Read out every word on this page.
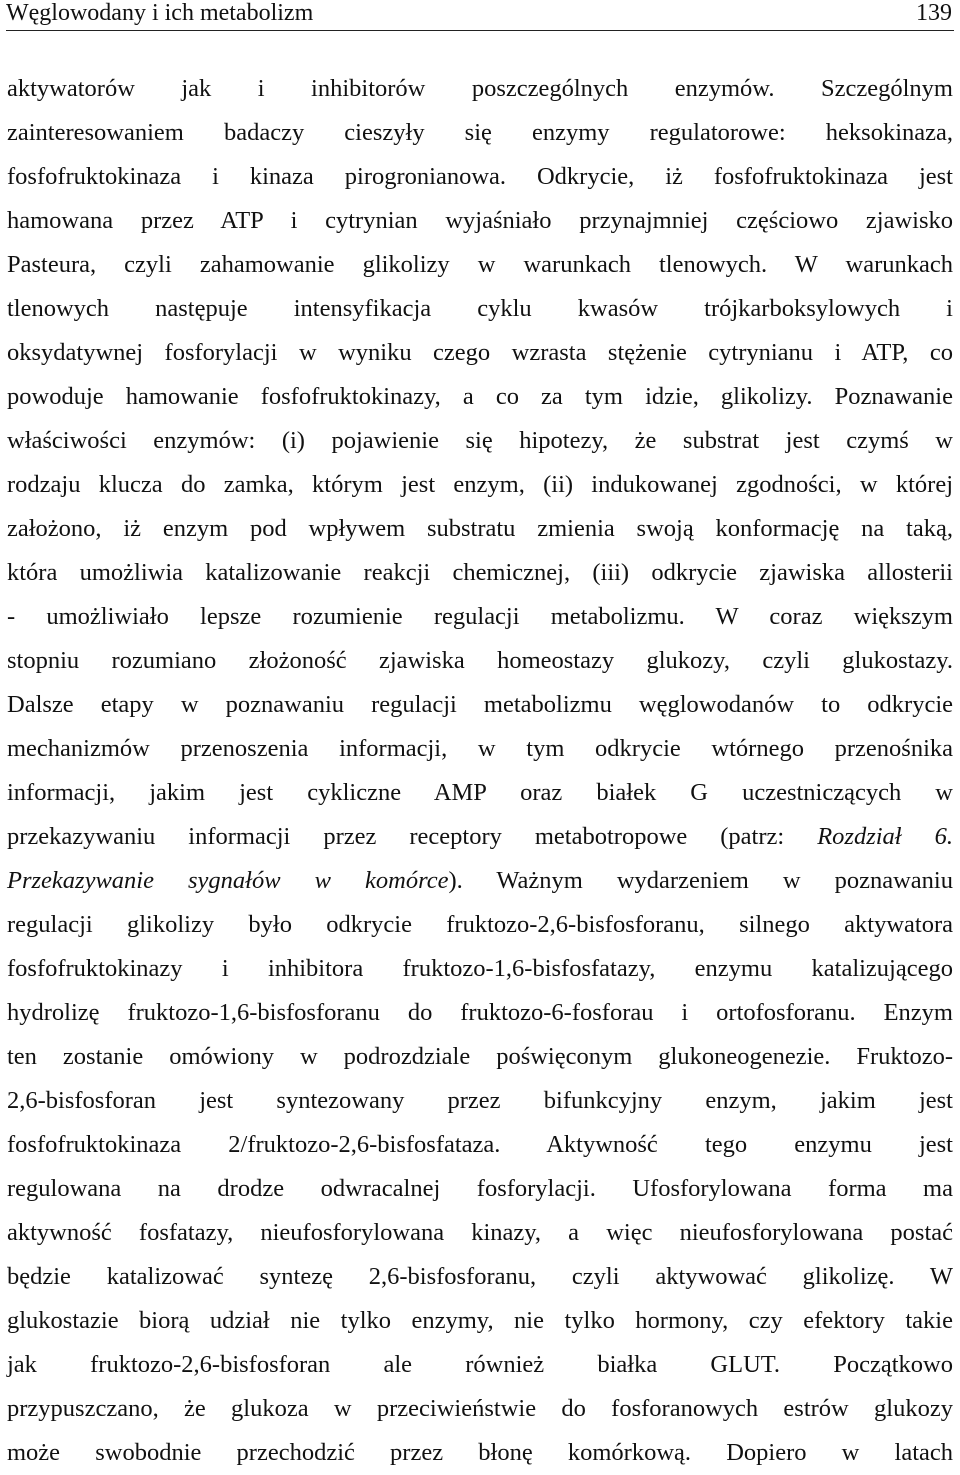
Węglowodany i ich metabolizm	139
aktywatorów jak i inhibitorów poszczególnych enzymów. Szczególnym
zainteresowaniem badaczy cieszyły się enzymy regulatorowe: heksokinaza,
fosfofruktokinaza i kinaza pirogronianowa. Odkrycie, iż fosfofruktokinaza jest
hamowana przez ATP i cytrynian wyjaśniało przynajmniej częściowo zjawisko
Pasteura, czyli zahamowanie glikolizy w warunkach tlenowych. W warunkach
tlenowych następuje intensyfikacja cyklu kwasów trójkarboksylowych i
oksydatywnej fosforylacji w wyniku czego wzrasta stężenie cytrynianu i ATP, co
powoduje hamowanie fosfofruktokinazy, a co za tym idzie, glikolizy. Poznawanie
właściwości enzymów: (i) pojawienie się hipotezy, że substrat jest czymś w
rodzaju klucza do zamka, którym jest enzym, (ii) indukowanej zgodności, w której
założono, iż enzym pod wpływem substratu zmienia swoją konformację na taką,
która umożliwia katalizowanie reakcji chemicznej, (iii) odkrycie zjawiska allosterii
- umożliwiało lepsze rozumienie regulacji metabolizmu. W coraz większym
stopniu rozumiano złożoność zjawiska homeostazy glukozy, czyli glukostazy.
Dalsze etapy w poznawaniu regulacji metabolizmu węglowodanów to odkrycie
mechanizmów przenoszenia informacji, w tym odkrycie wtórnego przenośnika
informacji, jakim jest cykliczne AMP oraz białek G uczestniczących w
przekazywaniu informacji przez receptory metabotropowe (patrz: Rozdział 6.
Przekazywanie sygnałów w komórce). Ważnym wydarzeniem w poznawaniu
regulacji glikolizy było odkrycie fruktozo-2,6-bisfosforanu, silnego aktywatora
fosfofruktokinazy i inhibitora fruktozo-1,6-bisfosfatazy, enzymu katalizującego
hydrolizę fruktozo-1,6-bisfosforanu do fruktozo-6-fosforau i ortofosforanu. Enzym
ten zostanie omówiony w podrozdziale poświęconym glukoneogenezie. Fruktozo-
2,6-bisfosforan jest syntezowany przez bifunkcyjny enzym, jakim jest
fosfofruktokinaza 2/fruktozo-2,6-bisfosfataza. Aktywność tego enzymu jest
regulowana na drodze odwracalnej fosforylacji. Ufosforylowana forma ma
aktywność fosfatazy, nieufosforylowana kinazy, a więc nieufosforylowana postać
będzie katalizować syntezę 2,6-bisfosforanu, czyli aktywować glikolizę. W
glukostazie biorą udział nie tylko enzymy, nie tylko hormony, czy efektory takie
jak fruktozo-2,6-bisfosforan ale również białka GLUT. Początkowo
przypuszczano, że glukoza w przeciwieństwie do fosforanowych estrów glukozy
może swobodnie przechodzić przez błonę komórkową. Dopiero w latach
